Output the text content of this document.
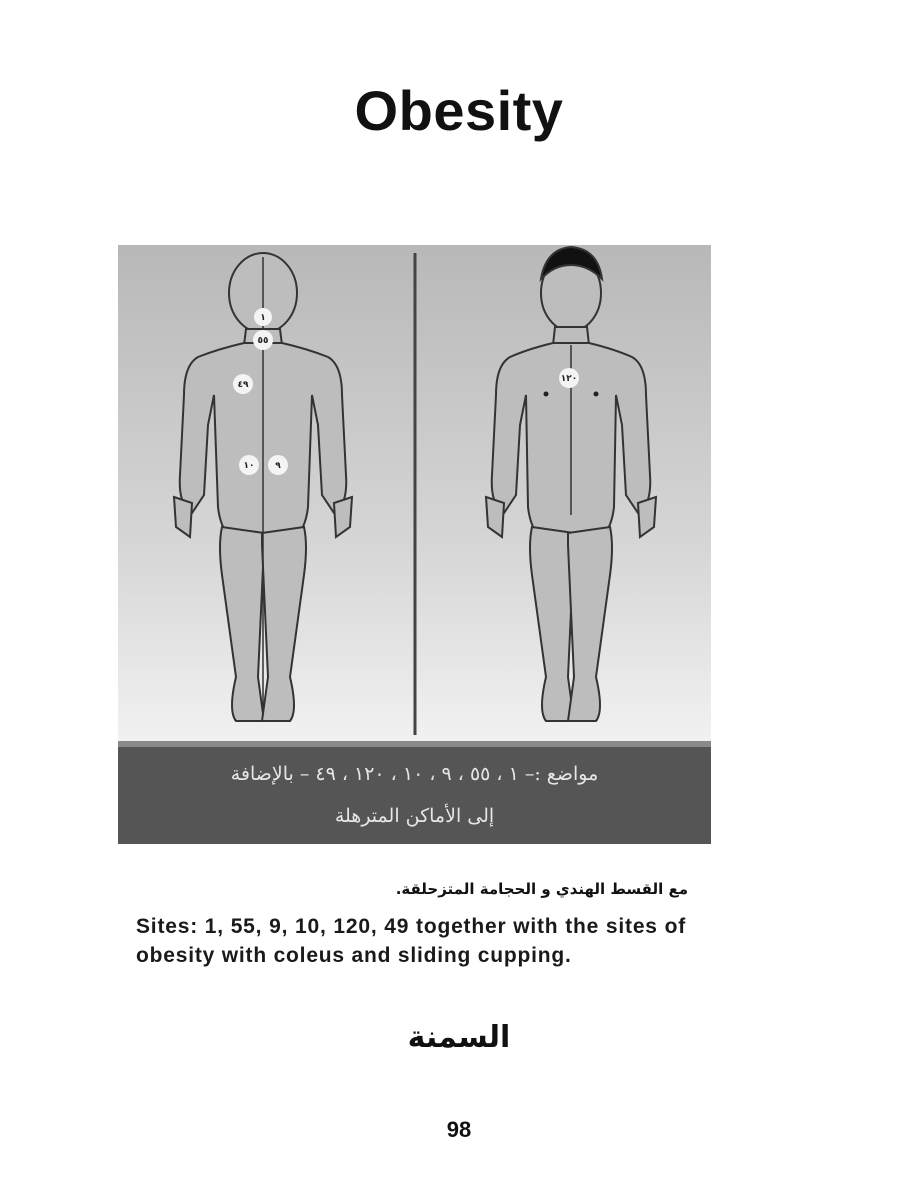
Obesity
١
٥٥
٤٩
١٠ ٩
١٢٠
مواضع :– ١ ، ٥٥ ، ٩ ، ١٠ ، ١٢٠ ، ٤٩ – بالإضافة
إلى الأماكن المترهلة
مع القسط الهندي و الحجامة المتزحلقة.
Sites: 1, 55, 9, 10, 120, 49 together with the sites of obesity with coleus and sliding cupping.
السمنة
98
